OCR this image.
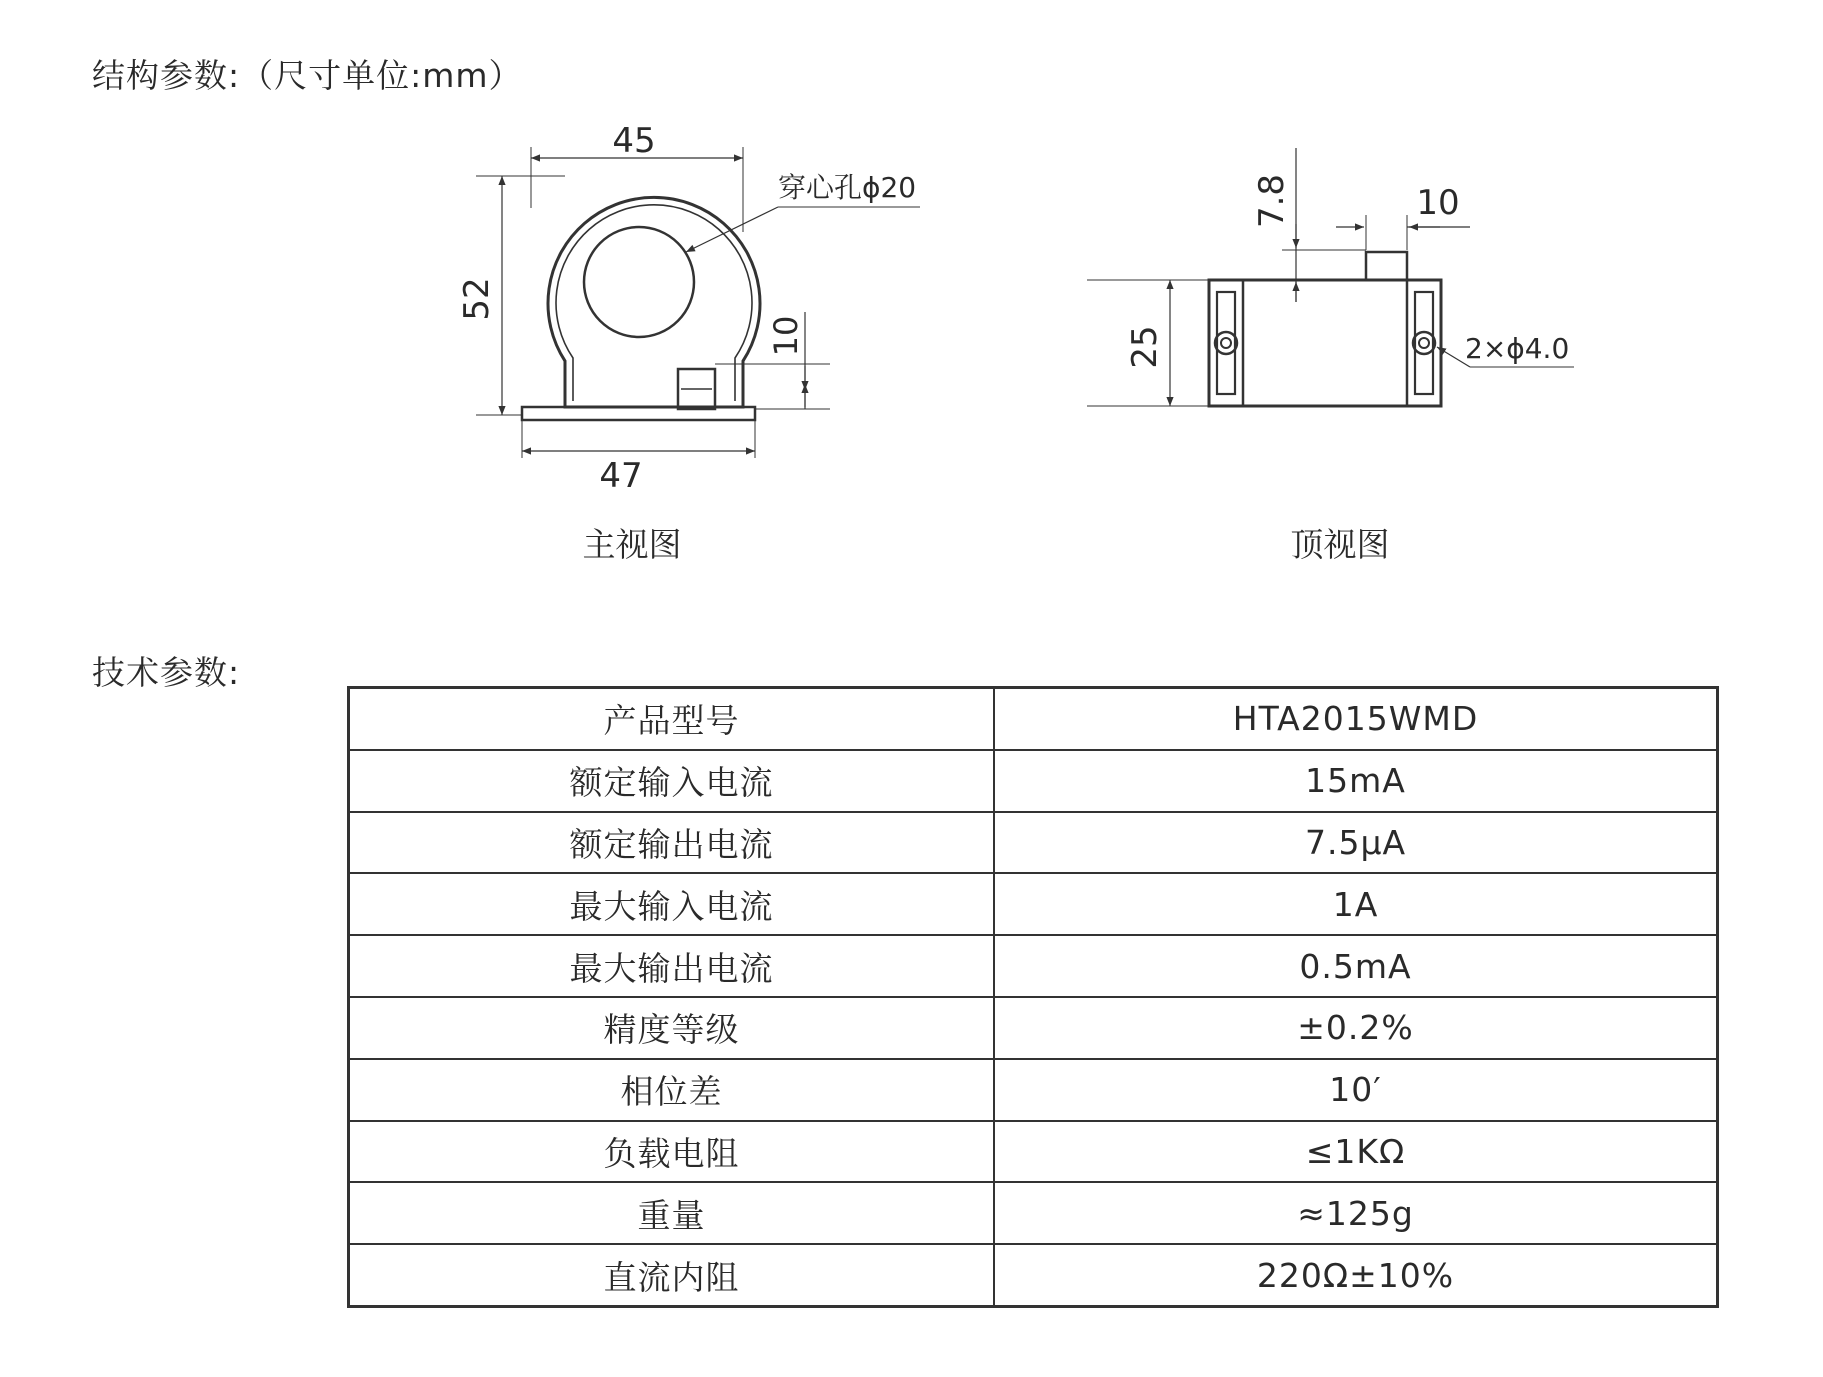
结构参数:（尺寸单位:mm）
45
52
47
10
穿心孔ϕ20
主视图
25
7.8	10
2×ϕ4.0
顶视图
技术参数:
产品型号	HTA2015WMD
额定输入电流	15mA
额定输出电流	7.5μA
最大输入电流	1A
最大输出电流	0.5mA
精度等级	±0.2%
相位差	10′
负载电阻	≤1KΩ
重量	≈125g
直流内阻	220Ω±10%
